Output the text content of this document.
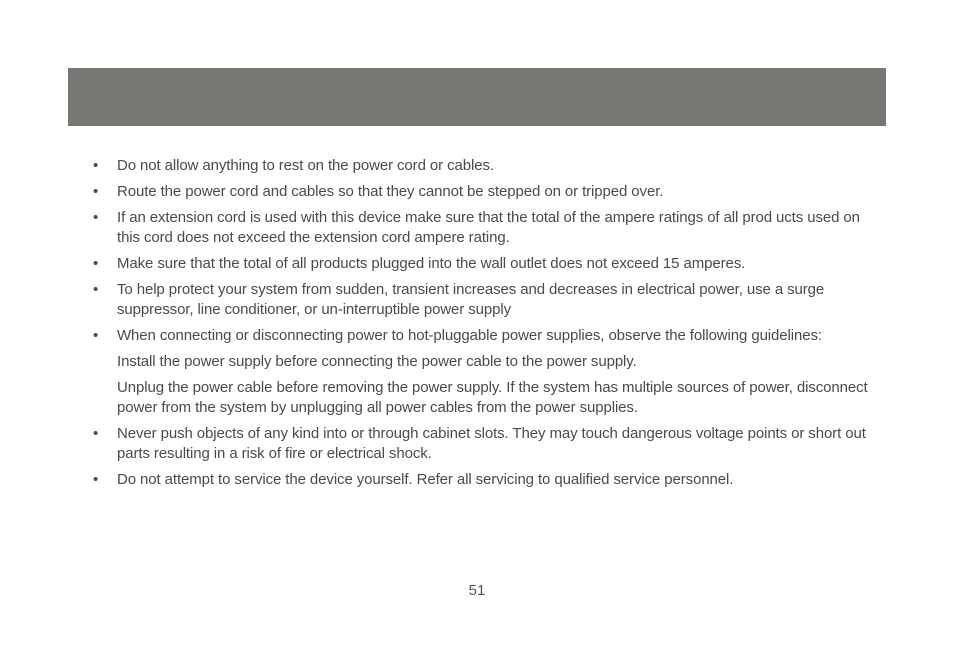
• Do not allow anything to rest on the power cord or cables.
• Route the power cord and cables so that they cannot be stepped on or tripped over.
• If an extension cord is used with this device make sure that the total of the ampere ratings of all prod ucts used on this cord does not exceed the extension cord ampere rating.
• Make sure that the total of all products plugged into the wall outlet does not exceed 15 amperes.
• To help protect your system from sudden, transient increases and decreases in electrical power, use a surge suppressor, line conditioner, or un-interruptible power supply
• When connecting or disconnecting power to hot-pluggable power supplies, observe the following guidelines:
Install the power supply before connecting the power cable to the power supply.
Unplug the power cable before removing the power supply. If the system has multiple sources of power, disconnect power from the system by unplugging all power cables from the power supplies.
• Never push objects of any kind into or through cabinet slots. They may touch dangerous voltage points or short out parts resulting in a risk of fire or electrical shock.
• Do not attempt to service the device yourself. Refer all servicing to qualified service personnel.
51
